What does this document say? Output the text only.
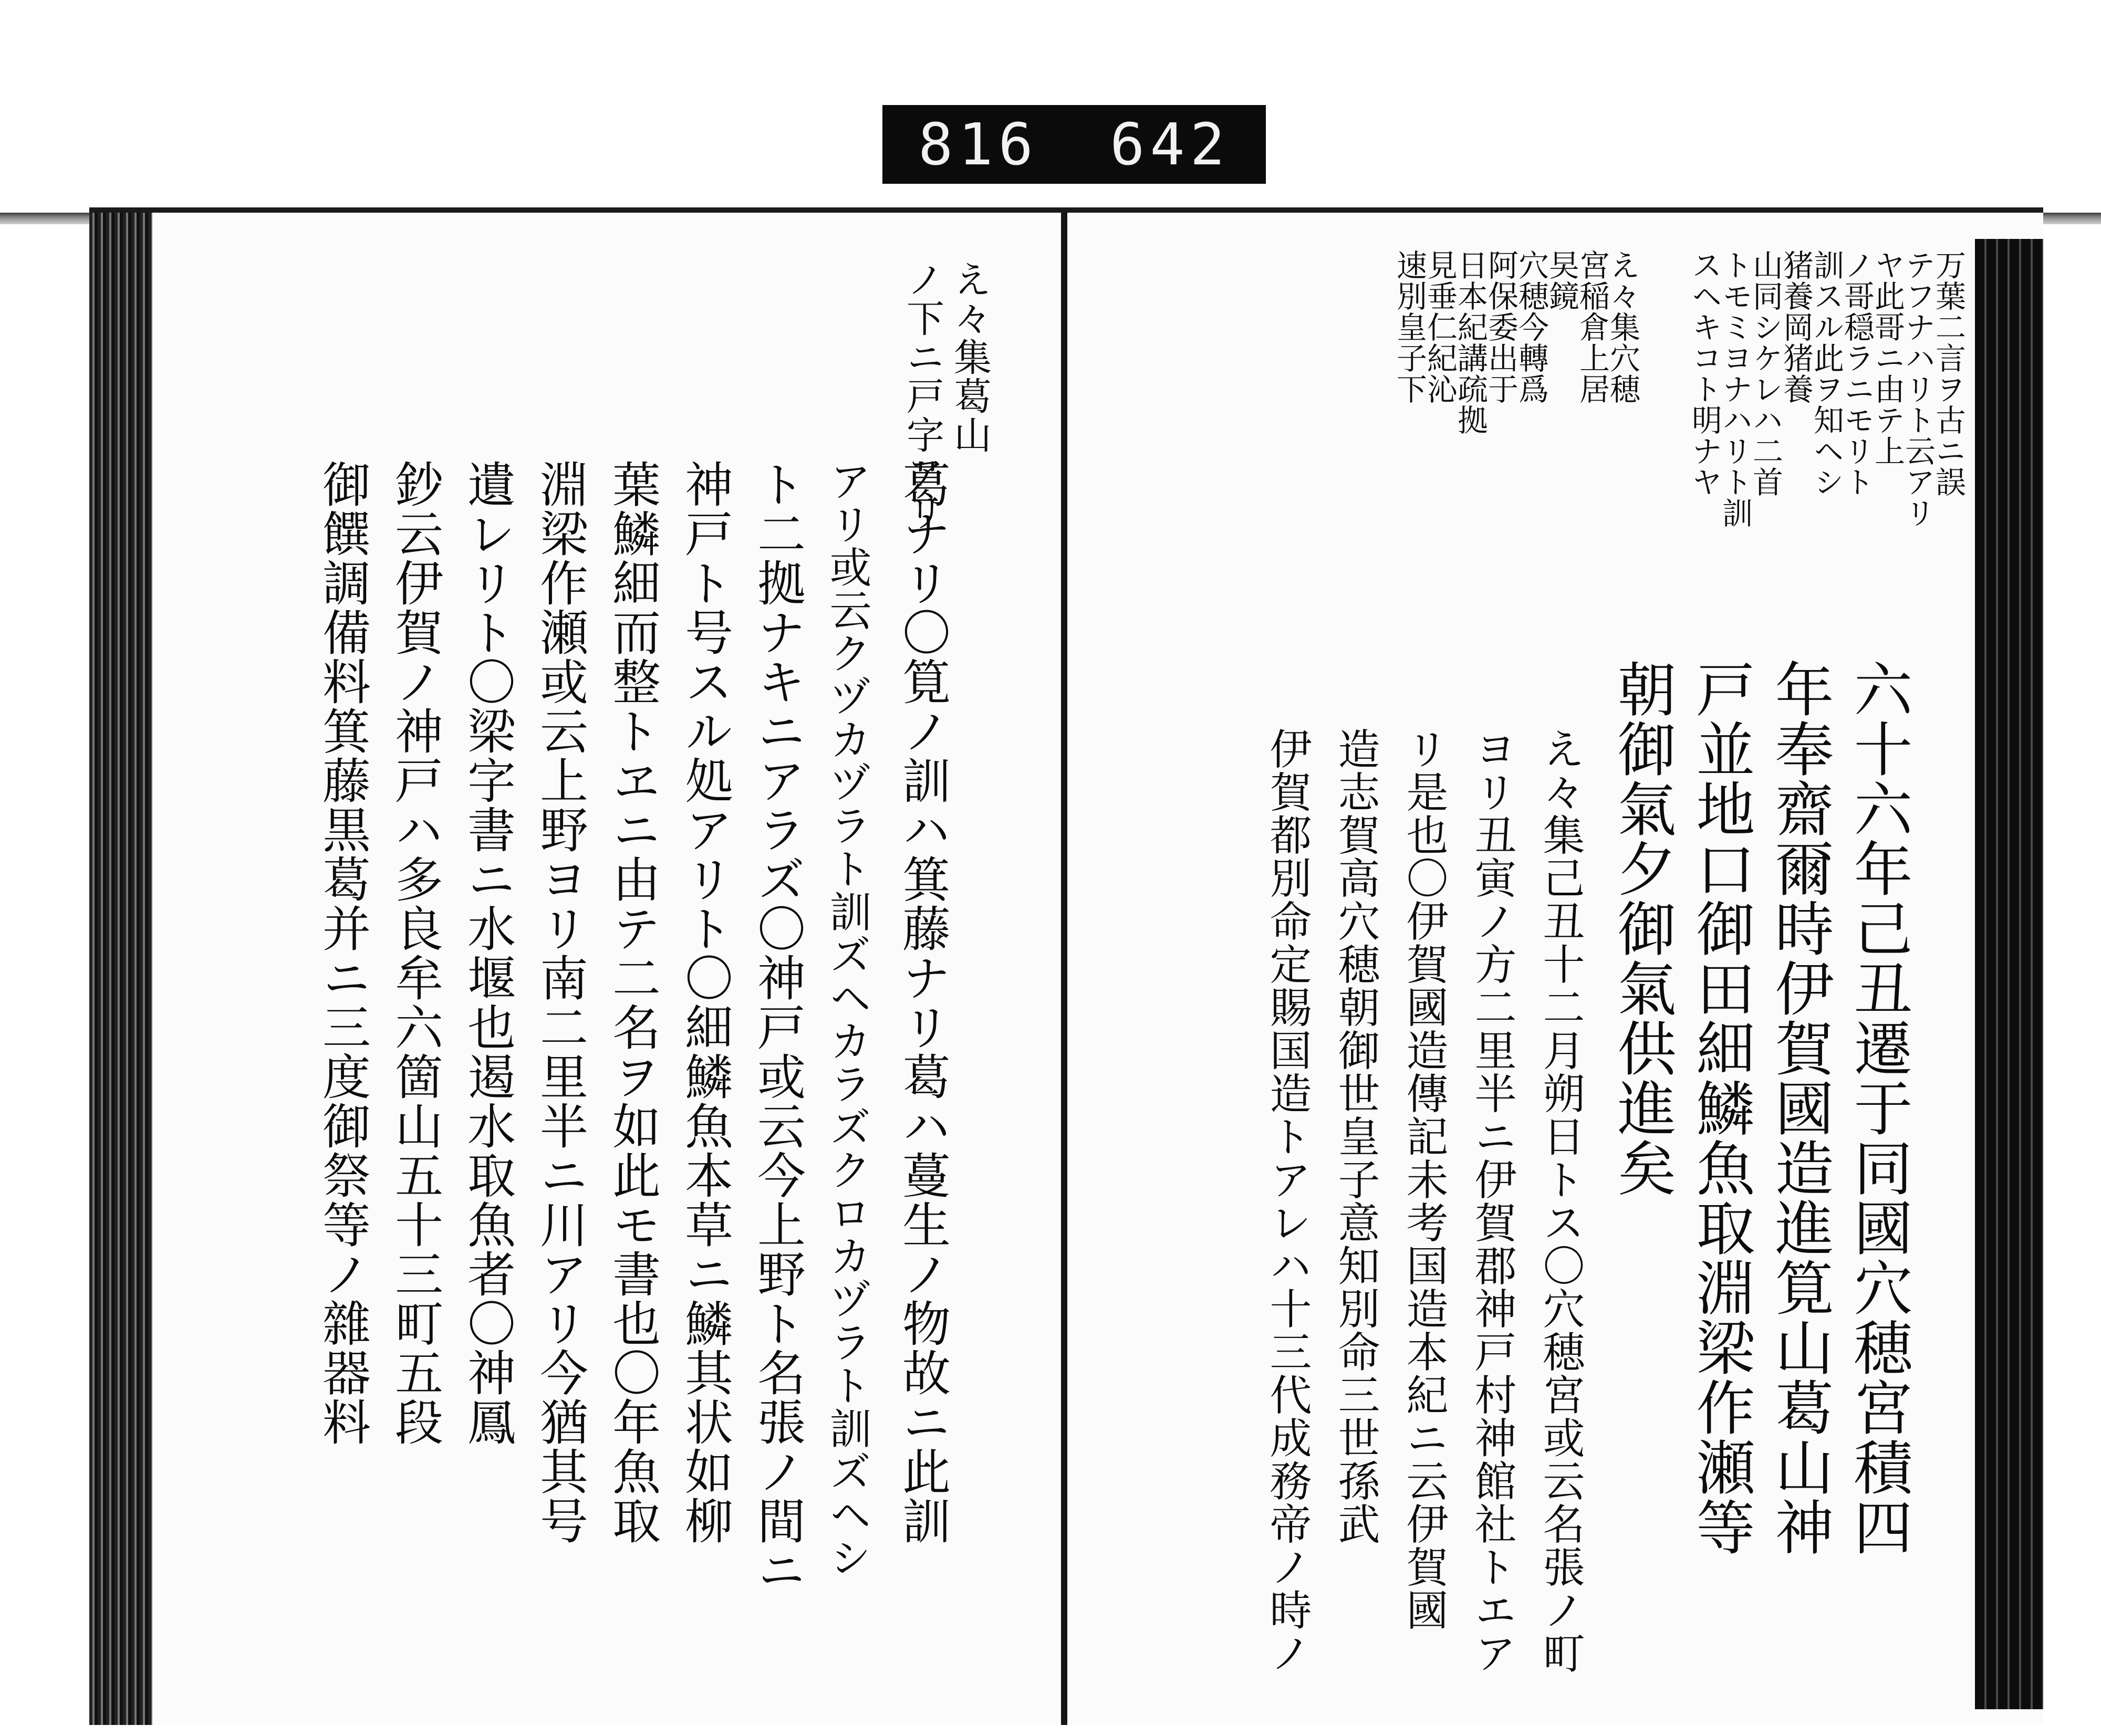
816 642
え々集葛山
ノ下ニ戸字アリ
葛ナリ〇筧ノ訓ハ箕藤ナリ葛ハ蔓生ノ物故ニ此訓
アリ或云クヅカヅラト訓ズヘカラズクロカヅラト訓ズヘシ
ト二拠ナキニアラズ〇神戸或云今上野ト名張ノ間ニ
神戸ト号スル処アリト〇細鱗魚本草ニ鱗其状如柳
葉鱗細而整トヱニ由テ二名ヲ如此モ書也〇年魚取
淵梁作瀬或云上野ヨリ南二里半ニ川アリ今猶其号
遺レリト〇梁字書ニ水堰也遏水取魚者〇神鳳
鈔云伊賀ノ神戸ハ多良牟六箇山五十三町五段
御饌調備料箕藤黒葛并ニ三度御祭等ノ雜器料
万葉二言ヲ古ニ誤
テフナハリト云アリ
ヤ此哥ニ由テ上
ノ哥穏ラニモリト
訓スル此ヲ知ヘシ
猪養岡猪養
山同シケレハ二首
トモミヨナハリト訓
スヘキコト明ナヤ
え々集穴穂
宮稲倉上居
旲鏡
穴穂今轉爲
阿保委出于
日本紀講疏拠
見垂仁紀沁
速別皇子下
六十六年己丑遷于同國穴穂宮積四
年奉齋爾時伊賀國造進筧山葛山神
戸並地口御田細鱗魚取淵梁作瀬等
朝御氣夕御氣供進矣
え々集己丑十二月朔日トス〇穴穂宮或云名張ノ町
ヨリ丑寅ノ方二里半ニ伊賀郡神戸村神館社トエア
リ是也〇伊賀國造傳記未考国造本紀ニ云伊賀國
造志賀高穴穂朝御世皇子意知別命三世孫武
伊賀都別命定賜国造トアレハ十三代成務帝ノ時ノ
